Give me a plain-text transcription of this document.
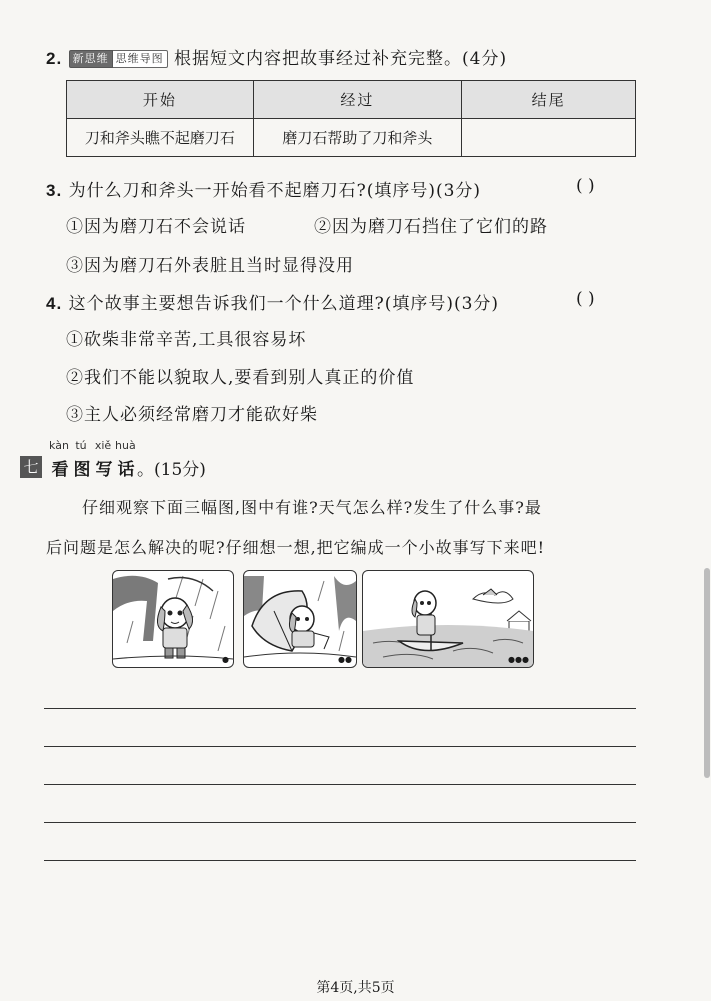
2. 新思维 思维导图 根据短文内容把故事经过补充完整。(4分)
开始	经过	结尾
刀和斧头瞧不起磨刀石	磨刀石帮助了刀和斧头	
3. 为什么刀和斧头一开始看不起磨刀石?(填序号)(3分)	( )
①因为磨刀石不会说话	②因为磨刀石挡住了它们的路
③因为磨刀石外表脏且当时显得没用
4. 这个故事主要想告诉我们一个什么道理?(填序号)(3分)	( )
①砍柴非常辛苦,工具很容易坏
②我们不能以貌取人,要看到别人真正的价值
③主人必须经常磨刀才能砍好柴
kàn tú xiě huà
七 看 图 写 话 。(15分)
仔细观察下面三幅图,图中有谁?天气怎么样?发生了什么事?最
后问题是怎么解决的呢?仔细想一想,把它编成一个小故事写下来吧!
●	●●	●●●
第4页,共5页
